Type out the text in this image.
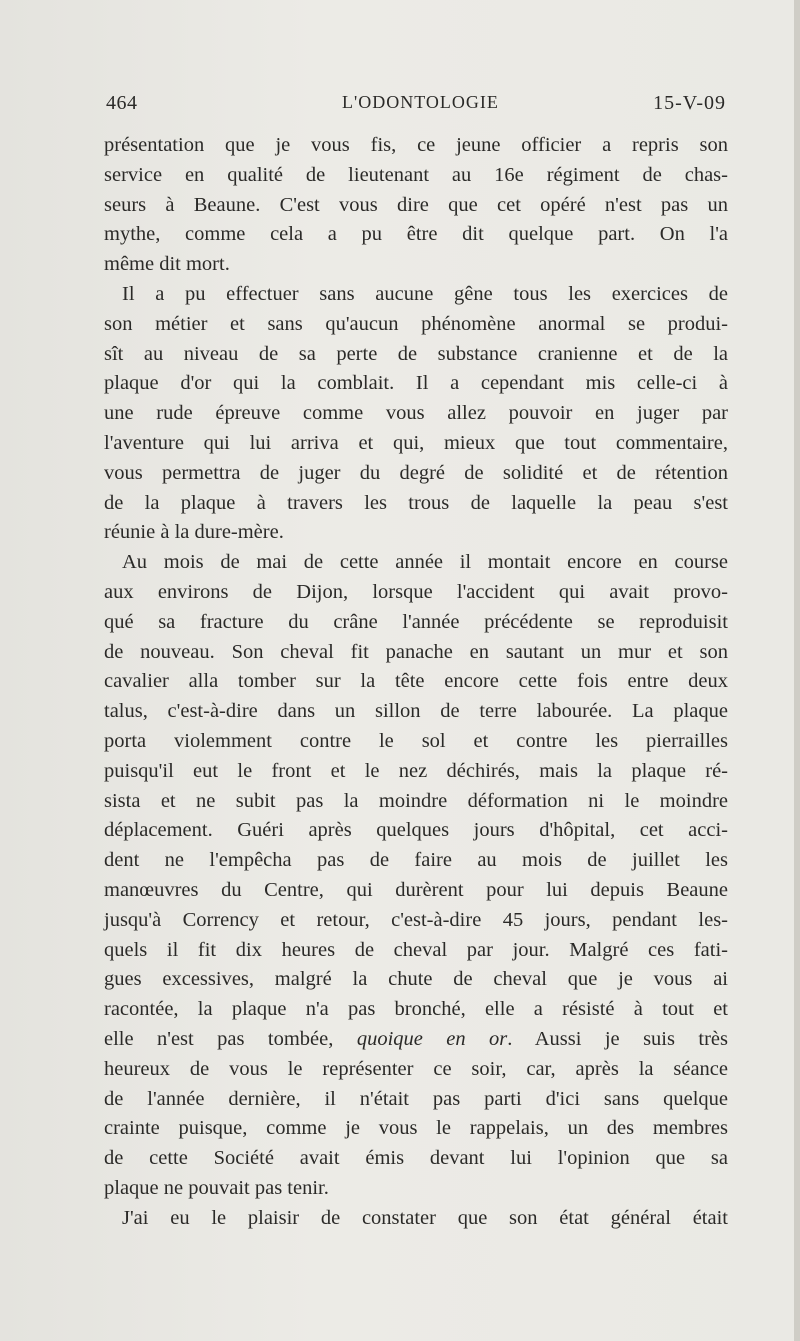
464	L'ODONTOLOGIE	15-V-09
présentation que je vous fis, ce jeune officier a repris son
service en qualité de lieutenant au 16e régiment de chas-
seurs à Beaune. C'est vous dire que cet opéré n'est pas un
mythe, comme cela a pu être dit quelque part. On l'a
même dit mort.
Il a pu effectuer sans aucune gêne tous les exercices de
son métier et sans qu'aucun phénomène anormal se produi-
sît au niveau de sa perte de substance cranienne et de la
plaque d'or qui la comblait. Il a cependant mis celle-ci à
une rude épreuve comme vous allez pouvoir en juger par
l'aventure qui lui arriva et qui, mieux que tout commentaire,
vous permettra de juger du degré de solidité et de rétention
de la plaque à travers les trous de laquelle la peau s'est
réunie à la dure-mère.
Au mois de mai de cette année il montait encore en course
aux environs de Dijon, lorsque l'accident qui avait provo-
qué sa fracture du crâne l'année précédente se reproduisit
de nouveau. Son cheval fit panache en sautant un mur et son
cavalier alla tomber sur la tête encore cette fois entre deux
talus, c'est-à-dire dans un sillon de terre labourée. La plaque
porta violemment contre le sol et contre les pierrailles
puisqu'il eut le front et le nez déchirés, mais la plaque ré-
sista et ne subit pas la moindre déformation ni le moindre
déplacement. Guéri après quelques jours d'hôpital, cet acci-
dent ne l'empêcha pas de faire au mois de juillet les
manœuvres du Centre, qui durèrent pour lui depuis Beaune
jusqu'à Corrency et retour, c'est-à-dire 45 jours, pendant les-
quels il fit dix heures de cheval par jour. Malgré ces fati-
gues excessives, malgré la chute de cheval que je vous ai
racontée, la plaque n'a pas bronché, elle a résisté à tout et
elle n'est pas tombée, quoique en or. Aussi je suis très
heureux de vous le représenter ce soir, car, après la séance
de l'année dernière, il n'était pas parti d'ici sans quelque
crainte puisque, comme je vous le rappelais, un des membres
de cette Société avait émis devant lui l'opinion que sa
plaque ne pouvait pas tenir.
J'ai eu le plaisir de constater que son état général était
